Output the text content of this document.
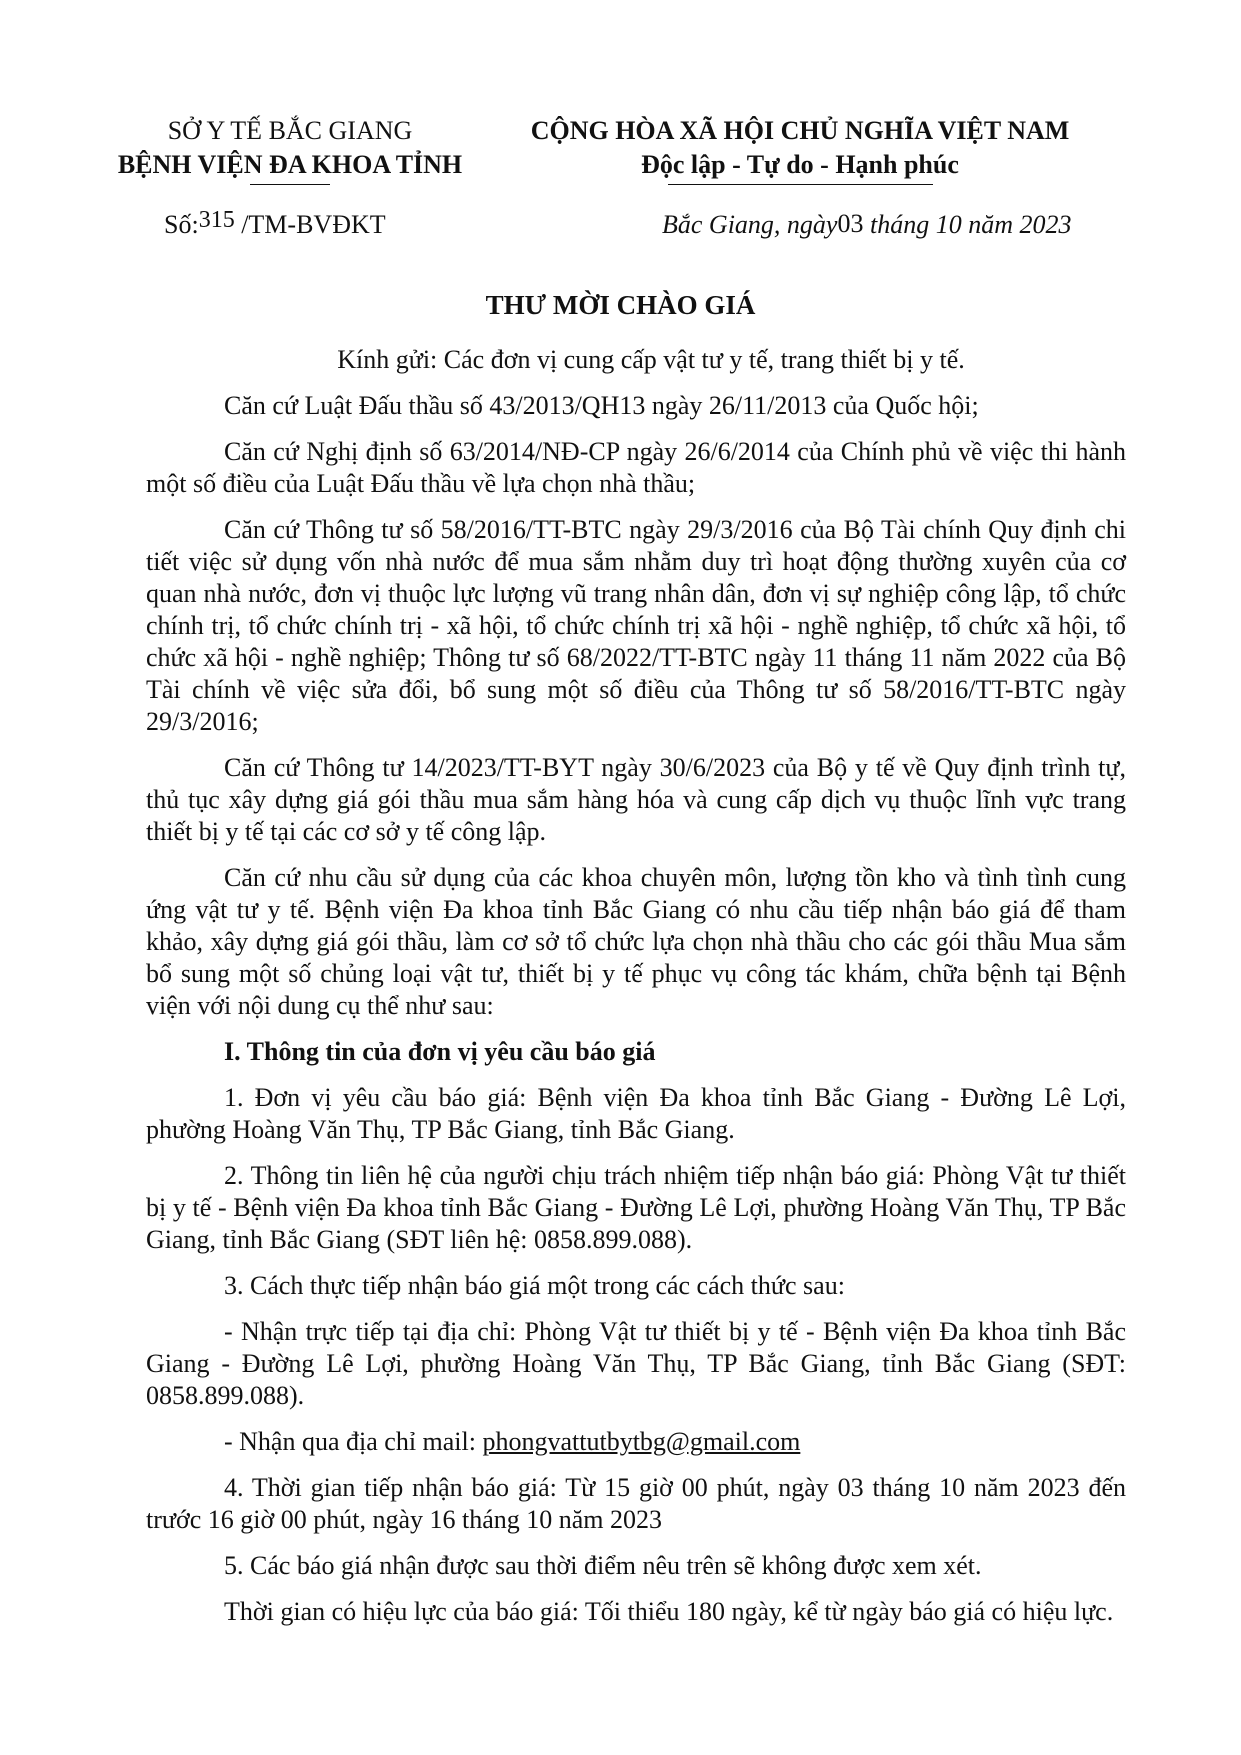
SỞ Y TẾ BẮC GIANG
BỆNH VIỆN ĐA KHOA TỈNH
CỘNG HÒA XÃ HỘI CHỦ NGHĨA VIỆT NAM
Độc lập - Tự do - Hạnh phúc
Số:315 /TM-BVĐKT	Bắc Giang, ngày03 tháng 10 năm 2023
THƯ MỜI CHÀO GIÁ

Kính gửi: Các đơn vị cung cấp vật tư y tế, trang thiết bị y tế.

Căn cứ Luật Đấu thầu số 43/2013/QH13 ngày 26/11/2013 của Quốc hội;

Căn cứ Nghị định số 63/2014/NĐ-CP ngày 26/6/2014 của Chính phủ về việc thi hành một số điều của Luật Đấu thầu về lựa chọn nhà thầu;

Căn cứ Thông tư số 58/2016/TT-BTC ngày 29/3/2016 của Bộ Tài chính Quy định chi tiết việc sử dụng vốn nhà nước để mua sắm nhằm duy trì hoạt động thường xuyên của cơ quan nhà nước, đơn vị thuộc lực lượng vũ trang nhân dân, đơn vị sự nghiệp công lập, tổ chức chính trị, tổ chức chính trị - xã hội, tổ chức chính trị xã hội - nghề nghiệp, tổ chức xã hội, tổ chức xã hội - nghề nghiệp; Thông tư số 68/2022/TT-BTC ngày 11 tháng 11 năm 2022 của Bộ Tài chính về việc sửa đổi, bổ sung một số điều của Thông tư số 58/2016/TT-BTC ngày 29/3/2016;

Căn cứ Thông tư 14/2023/TT-BYT ngày 30/6/2023 của Bộ y tế về Quy định trình tự, thủ tục xây dựng giá gói thầu mua sắm hàng hóa và cung cấp dịch vụ thuộc lĩnh vực trang thiết bị y tế tại các cơ sở y tế công lập.

Căn cứ nhu cầu sử dụng của các khoa chuyên môn, lượng tồn kho và tình tình cung ứng vật tư y tế. Bệnh viện Đa khoa tỉnh Bắc Giang có nhu cầu tiếp nhận báo giá để tham khảo, xây dựng giá gói thầu, làm cơ sở tổ chức lựa chọn nhà thầu cho các gói thầu Mua sắm bổ sung một số chủng loại vật tư, thiết bị y tế phục vụ công tác khám, chữa bệnh tại Bệnh viện với nội dung cụ thể như sau:

I. Thông tin của đơn vị yêu cầu báo giá

1. Đơn vị yêu cầu báo giá: Bệnh viện Đa khoa tỉnh Bắc Giang - Đường Lê Lợi, phường Hoàng Văn Thụ, TP Bắc Giang, tỉnh Bắc Giang.

2. Thông tin liên hệ của người chịu trách nhiệm tiếp nhận báo giá: Phòng Vật tư thiết bị y tế - Bệnh viện Đa khoa tỉnh Bắc Giang - Đường Lê Lợi, phường Hoàng Văn Thụ, TP Bắc Giang, tỉnh Bắc Giang (SĐT liên hệ: 0858.899.088).

3. Cách thực tiếp nhận báo giá một trong các cách thức sau:

- Nhận trực tiếp tại địa chỉ: Phòng Vật tư thiết bị y tế - Bệnh viện Đa khoa tỉnh Bắc Giang - Đường Lê Lợi, phường Hoàng Văn Thụ, TP Bắc Giang, tỉnh Bắc Giang (SĐT: 0858.899.088).

- Nhận qua địa chỉ mail: phongvattutbytbg@gmail.com

4. Thời gian tiếp nhận báo giá: Từ 15 giờ 00 phút, ngày 03 tháng 10 năm 2023 đến trước 16 giờ 00 phút, ngày 16 tháng 10 năm 2023

5. Các báo giá nhận được sau thời điểm nêu trên sẽ không được xem xét.

Thời gian có hiệu lực của báo giá: Tối thiểu 180 ngày, kể từ ngày báo giá có hiệu lực.
